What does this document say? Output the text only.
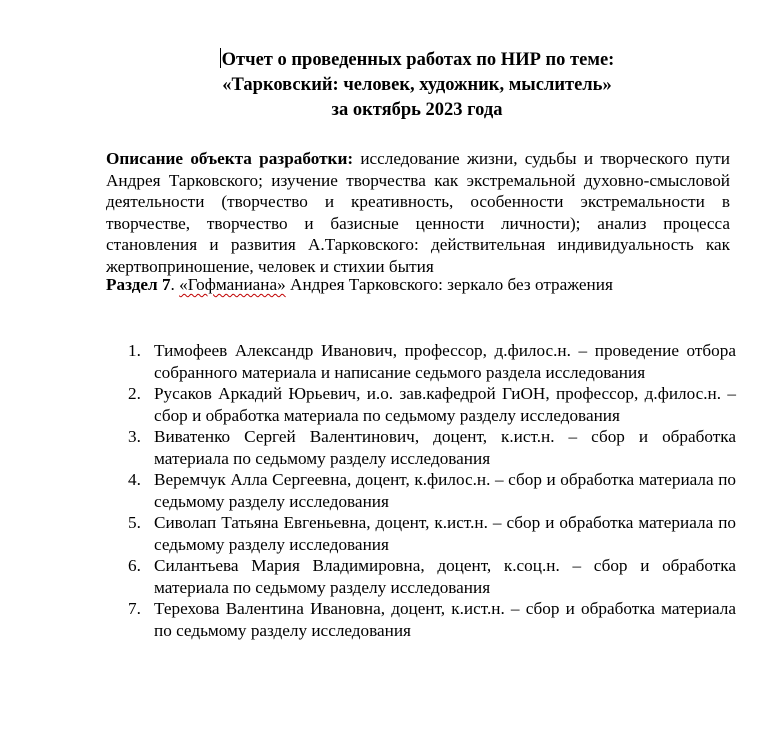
Отчет о проведенных работах по НИР по теме:
«Тарковский: человек, художник, мыслитель»
за октябрь 2023 года
Описание объекта разработки: исследование жизни, судьбы и творческого пути Андрея Тарковского; изучение творчества как экстремальной духовно-смысловой деятельности (творчество и креативность, особенности экстремальности в творчестве, творчество и базисные ценности личности); анализ процесса становления и развития А.Тарковского: действительная индивидуальность как жертвоприношение, человек и стихии бытия
Раздел 7. «Гофманиана» Андрея Тарковского: зеркало без отражения
1. Тимофеев Александр Иванович, профессор, д.филос.н. – проведение отбора собранного материала и написание седьмого раздела исследования
2. Русаков Аркадий Юрьевич, и.о. зав.кафедрой ГиОН, профессор, д.филос.н. – сбор и обработка материала по седьмому разделу исследования
3. Виватенко Сергей Валентинович, доцент, к.ист.н. – сбор и обработка материала по седьмому разделу исследования
4. Веремчук Алла Сергеевна, доцент, к.филос.н. – сбор и обработка материала по седьмому разделу исследования
5. Сиволап Татьяна Евгеньевна, доцент, к.ист.н. – сбор и обработка материала по седьмому разделу исследования
6. Силантьева Мария Владимировна, доцент, к.соц.н. – сбор и обработка материала по седьмому разделу исследования
7. Терехова Валентина Ивановна, доцент, к.ист.н. – сбор и обработка материала по седьмому разделу исследования
